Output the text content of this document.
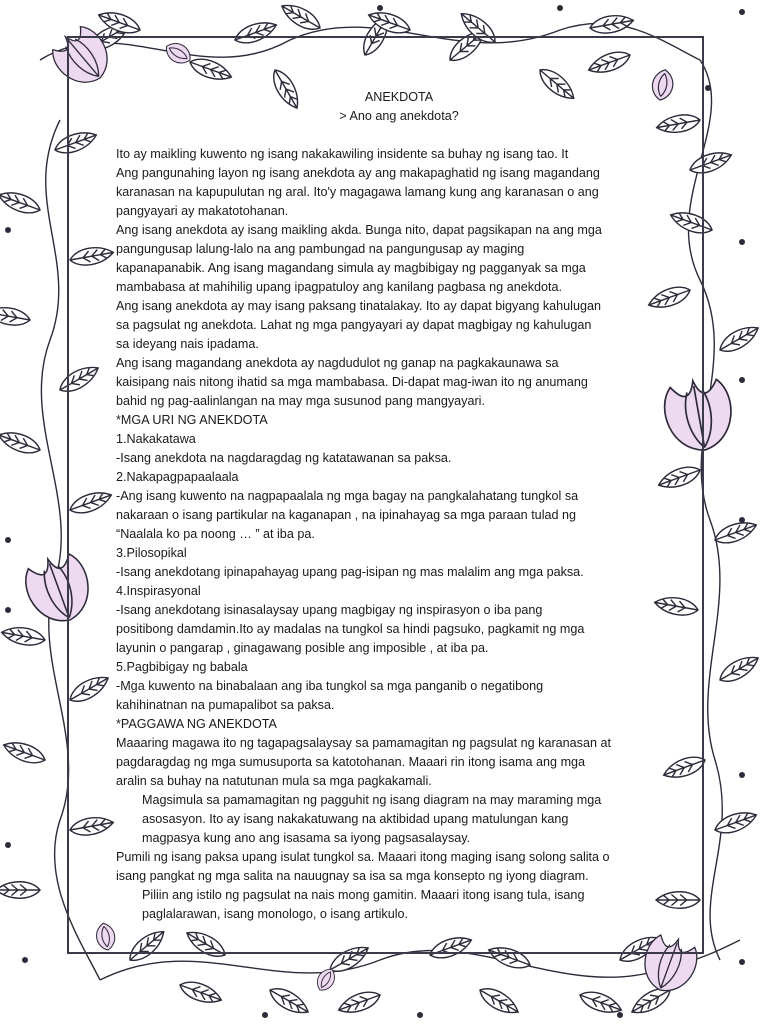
ANEKDOTA
> Ano ang anekdota?
Ito ay maikling kuwento ng isang nakakawiling insidente sa buhay ng isang tao. It
Ang pangunahing layon ng isang anekdota ay ang makapaghatid ng isang magandang
karanasan na kapupulutan ng aral. Ito'y magagawa lamang kung ang karanasan o ang
pangyayari ay makatotohanan.
Ang isang anekdota ay isang maikling akda. Bunga nito, dapat pagsikapan na ang mga
pangungusap lalung-lalo na ang pambungad na pangungusap ay maging
kapanapanabik. Ang isang magandang simula ay magbibigay ng pagganyak sa mga
mambabasa at mahihilig upang ipagpatuloy ang kanilang pagbasa ng anekdota.
Ang isang anekdota ay may isang paksang tinatalakay. Ito ay dapat bigyang kahulugan
sa pagsulat ng anekdota. Lahat ng mga pangyayari ay dapat magbigay ng kahulugan
sa ideyang nais ipadama.
Ang isang magandang anekdota ay nagdudulot ng ganap na pagkakaunawa sa
kaisipang nais nitong ihatid sa mga mambabasa. Di-dapat mag-iwan ito ng anumang
bahid ng pag-aalinlangan na may mga susunod pang mangyayari.
*MGA URI NG ANEKDOTA
1.Nakakatawa
-Isang anekdota na nagdaragdag ng katatawanan sa paksa.
2.Nakapagpapaalaala
-Ang isang kuwento na nagpapaalala ng mga bagay na pangkalahatang tungkol sa
nakaraan o isang partikular na kaganapan , na ipinahayag sa mga paraan tulad ng
“Naalala ko pa noong … ” at iba pa.
3.Pilosopikal
-Isang anekdotang ipinapahayag upang pag-isipan ng mas malalim ang mga paksa.
4.Inspirasyonal
-Isang anekdotang isinasalaysay upang magbigay ng inspirasyon o iba pang
positibong damdamin.Ito ay madalas na tungkol sa hindi pagsuko, pagkamit ng mga
layunin o pangarap , ginagawang posible ang imposible , at iba pa.
5.Pagbibigay ng babala
-Mga kuwento na binabalaan ang iba tungkol sa mga panganib o negatibong
kahihinatnan na pumapalibot sa paksa.
*PAGGAWA NG ANEKDOTA
Maaaring magawa ito ng tagapagsalaysay sa pamamagitan ng pagsulat ng karanasan at
pagdaragdag ng mga sumusuporta sa katotohanan. Maaari rin itong isama ang mga
aralin sa buhay na natutunan mula sa mga pagkakamali.
Magsimula sa pamamagitan ng pagguhit ng isang diagram na may maraming mga
asosasyon. Ito ay isang nakakatuwang na aktibidad upang matulungan kang
magpasya kung ano ang isasama sa iyong pagsasalaysay.
Pumili ng isang paksa upang isulat tungkol sa. Maaari itong maging isang solong salita o
isang pangkat ng mga salita na nauugnay sa isa sa mga konsepto ng iyong diagram.
Piliin ang istilo ng pagsulat na nais mong gamitin. Maaari itong isang tula, isang
paglalarawan, isang monologo, o isang artikulo.
